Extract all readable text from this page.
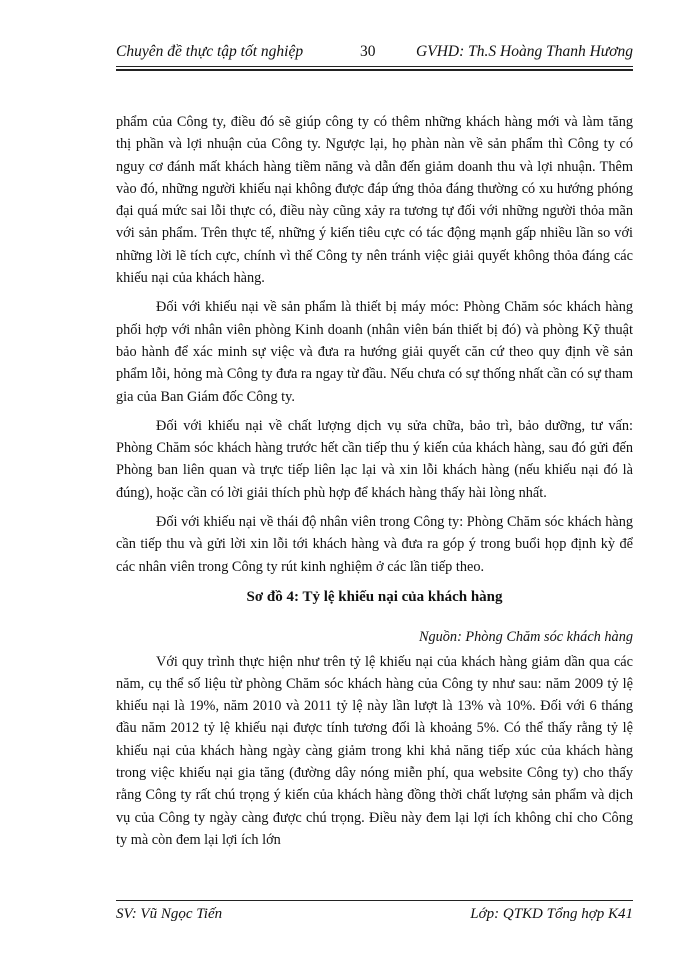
Chuyên đề thực tập tốt nghiệp	30	GVHD: Th.S Hoàng Thanh Hương

phẩm của Công ty, điều đó sẽ giúp công ty có thêm những khách hàng mới và làm tăng thị phần và lợi nhuận của Công ty. Ngược lại, họ phàn nàn về sản phẩm thì Công ty có nguy cơ đánh mất khách hàng tiềm năng và dẫn đến giảm doanh thu và lợi nhuận. Thêm vào đó, những người khiếu nại không được đáp ứng thỏa đáng thường có xu hướng phóng đại quá mức sai lỗi thực có, điều này cũng xảy ra tương tự đối với những người thỏa mãn với sản phẩm. Trên thực tế, những ý kiến tiêu cực có tác động mạnh gấp nhiều lần so với những lời lẽ tích cực, chính vì thế Công ty nên tránh việc giải quyết không thỏa đáng các khiếu nại của khách hàng.

Đối với khiếu nại về sản phẩm là thiết bị máy móc: Phòng Chăm sóc khách hàng phối hợp với nhân viên phòng Kinh doanh (nhân viên bán thiết bị đó) và phòng Kỹ thuật bảo hành để xác minh sự việc và đưa ra hướng giải quyết căn cứ theo quy định về sản phẩm lỗi, hỏng mà Công ty đưa ra ngay từ đầu. Nếu chưa có sự thống nhất cần có sự tham gia của Ban Giám đốc Công ty.

Đối với khiếu nại về chất lượng dịch vụ sửa chữa, bảo trì, bảo dưỡng, tư vấn: Phòng Chăm sóc khách hàng trước hết cần tiếp thu ý kiến của khách hàng, sau đó gửi đến Phòng ban liên quan và trực tiếp liên lạc lại và xin lỗi khách hàng (nếu khiếu nại đó là đúng), hoặc cần có lời giải thích phù hợp để khách hàng thấy hài lòng nhất.

Đối với khiếu nại về thái độ nhân viên trong Công ty: Phòng Chăm sóc khách hàng cần tiếp thu và gửi lời xin lỗi tới khách hàng và đưa ra góp ý trong buổi họp định kỳ để các nhân viên trong Công ty rút kinh nghiệm ở các lần tiếp theo.

Sơ đồ 4: Tỷ lệ khiếu nại của khách hàng

Nguồn: Phòng Chăm sóc khách hàng

Với quy trình thực hiện như trên tỷ lệ khiếu nại của khách hàng giảm dần qua các năm, cụ thể số liệu từ phòng Chăm sóc khách hàng của Công ty như sau: năm 2009 tỷ lệ khiếu nại là 19%, năm 2010 và 2011 tỷ lệ này lần lượt là 13% và 10%. Đối với 6 tháng đầu năm 2012 tỷ lệ khiếu nại được tính tương đối là khoảng 5%. Có thể thấy rằng tỷ lệ khiếu nại của khách hàng ngày càng giảm trong khi khả năng tiếp xúc của khách hàng trong việc khiếu nại gia tăng (đường dây nóng miễn phí, qua website Công ty) cho thấy rằng Công ty rất chú trọng ý kiến của khách hàng đồng thời chất lượng sản phẩm và dịch vụ của Công ty ngày càng được chú trọng. Điều này đem lại lợi ích không chỉ cho Công ty mà còn đem lại lợi ích lớn

SV: Vũ Ngọc Tiến	Lớp: QTKD Tổng hợp K41
